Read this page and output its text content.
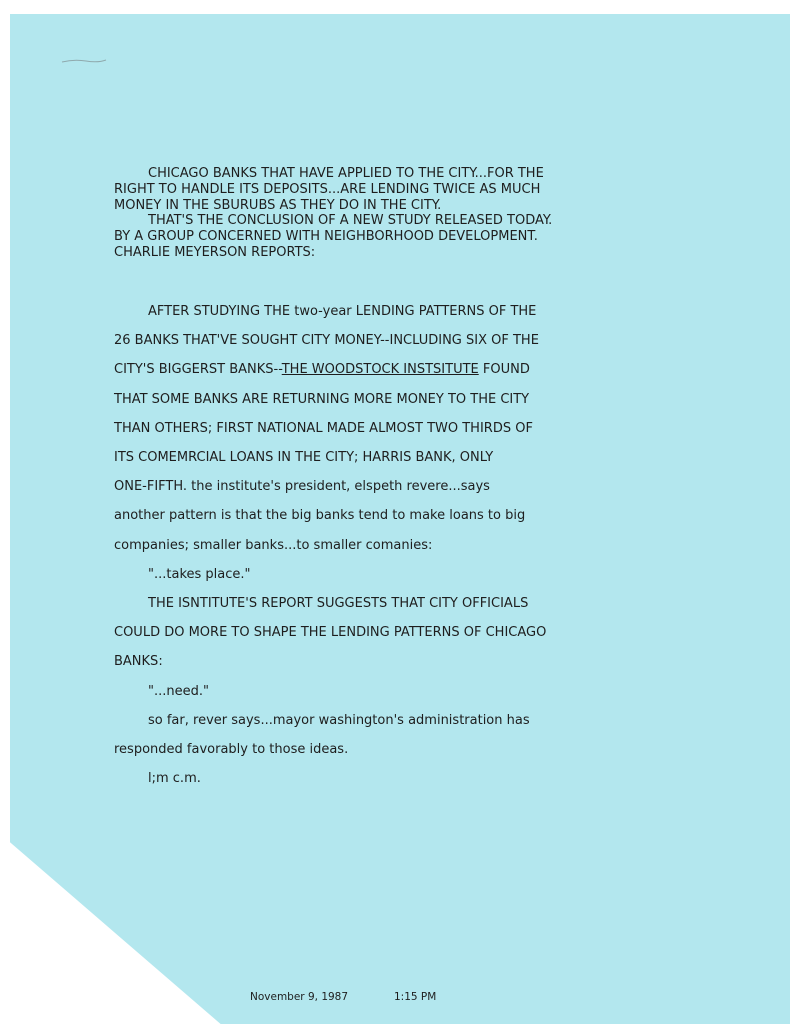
CHICAGO BANKS THAT HAVE APPLIED TO THE CITY...FOR THE

RIGHT TO HANDLE ITS DEPOSITS...ARE LENDING TWICE AS MUCH

MONEY IN THE SBURUBS AS THEY DO IN THE CITY.

THAT'S THE CONCLUSION OF A NEW STUDY RELEASED TODAY.

BY A GROUP CONCERNED WITH NEIGHBORHOOD DEVELOPMENT.

CHARLIE MEYERSON REPORTS:

AFTER STUDYING THE two-year LENDING PATTERNS OF THE

26 BANKS THAT'VE SOUGHT CITY MONEY--INCLUDING SIX OF THE

CITY'S BIGGERST BANKS--THE WOODSTOCK INSTSITUTE FOUND

THAT SOME BANKS ARE RETURNING MORE MONEY TO THE CITY

THAN OTHERS; FIRST NATIONAL MADE ALMOST TWO THIRDS OF

ITS COMEMRCIAL LOANS IN THE CITY; HARRIS BANK, ONLY

ONE-FIFTH. the institute's president, elspeth revere...says

another pattern is that the big banks tend to make loans to big

companies; smaller banks...to smaller comanies:

"...takes place."

THE ISNTITUTE'S REPORT SUGGESTS THAT CITY OFFICIALS

COULD DO MORE TO SHAPE THE LENDING PATTERNS OF CHICAGO

BANKS:

"...need."

so far, rever says...mayor washington's administration has

responded favorably to those ideas.

l;m c.m.

November 9, 1987	1:15 PM
